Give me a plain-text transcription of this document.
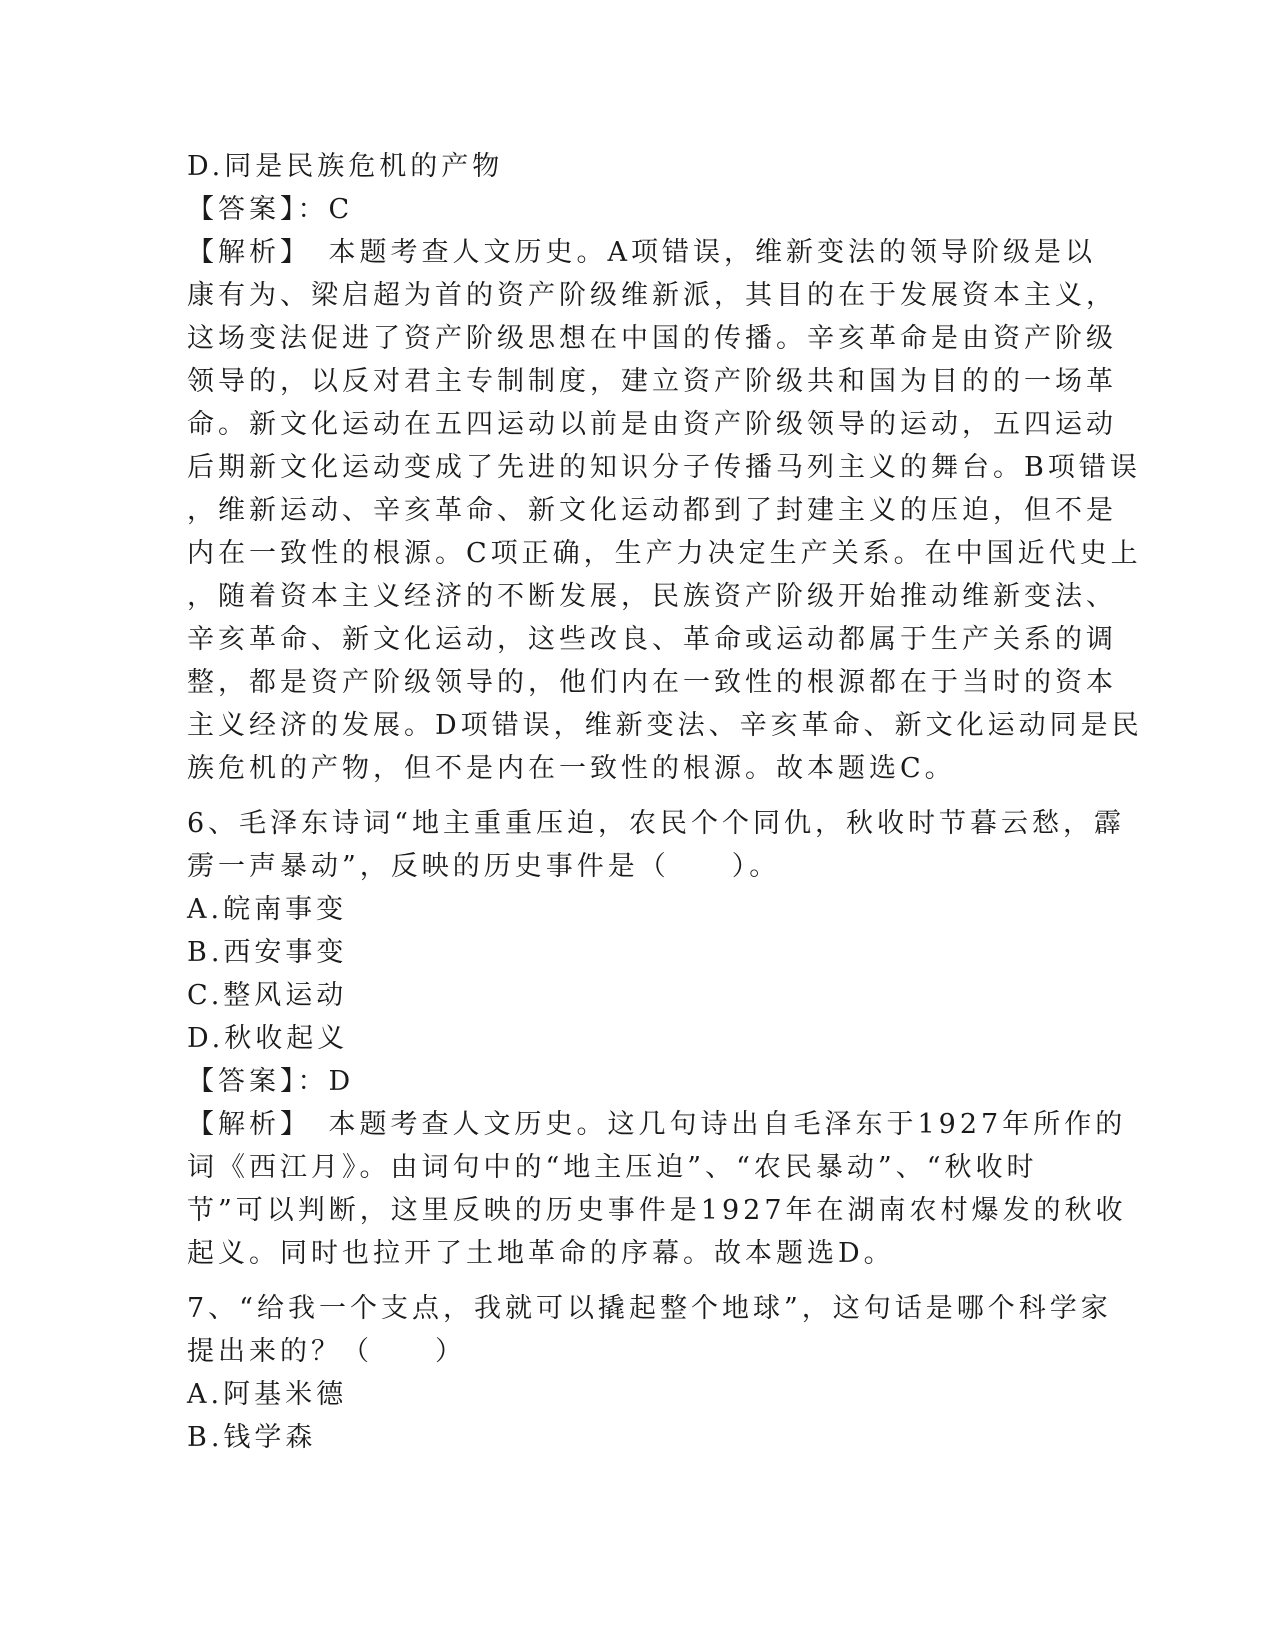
D.同是民族危机的产物
【答案】：C
【解析】　本题考查人文历史。A项错误，维新变法的领导阶级是以
康有为、梁启超为首的资产阶级维新派，其目的在于发展资本主义，
这场变法促进了资产阶级思想在中国的传播。辛亥革命是由资产阶级
领导的，以反对君主专制制度，建立资产阶级共和国为目的的一场革
命。新文化运动在五四运动以前是由资产阶级领导的运动，五四运动
后期新文化运动变成了先进的知识分子传播马列主义的舞台。B项错误
，维新运动、辛亥革命、新文化运动都到了封建主义的压迫，但不是
内在一致性的根源。C项正确，生产力决定生产关系。在中国近代史上
，随着资本主义经济的不断发展，民族资产阶级开始推动维新变法、
辛亥革命、新文化运动，这些改良、革命或运动都属于生产关系的调
整，都是资产阶级领导的，他们内在一致性的根源都在于当时的资本
主义经济的发展。D项错误，维新变法、辛亥革命、新文化运动同是民
族危机的产物，但不是内在一致性的根源。故本题选C。
6、毛泽东诗词“地主重重压迫，农民个个同仇，秋收时节暮云愁，霹
雳一声暴动”，反映的历史事件是（　　）。
A.皖南事变
B.西安事变
C.整风运动
D.秋收起义
【答案】：D
【解析】　本题考查人文历史。这几句诗出自毛泽东于1927年所作的
词《西江月》。由词句中的“地主压迫”、“农民暴动”、“秋收时
节”可以判断，这里反映的历史事件是1927年在湖南农村爆发的秋收
起义。同时也拉开了土地革命的序幕。故本题选D。
7、“给我一个支点，我就可以撬起整个地球”，这句话是哪个科学家
提出来的？（　　）
A.阿基米德
B.钱学森
